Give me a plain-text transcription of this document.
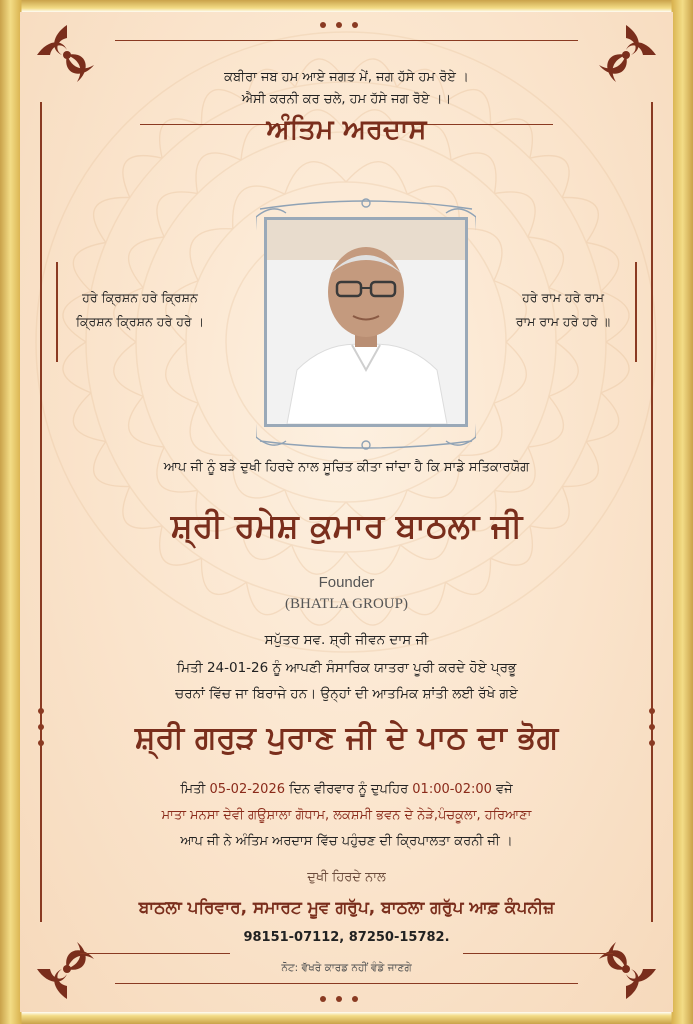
ਕਬੀਰਾ ਜਬ ਹਮ ਆਏ ਜਗਤ ਮੇਂ, ਜਗ ਹੱਸੇ ਹਮ ਰੋਏ ।
ਐਸੀ ਕਰਨੀ ਕਰ ਚਲੇ, ਹਮ ਹੱਸੇ ਜਗ ਰੋਏ ।।
ਅੰਤਿਮ ਅਰਦਾਸ
ਹਰੇ ਕ੍ਰਿਸ਼ਨ ਹਰੇ ਕ੍ਰਿਸ਼ਨ
ਕ੍ਰਿਸ਼ਨ ਕ੍ਰਿਸ਼ਨ ਹਰੇ ਹਰੇ ।
ਹਰੇ ਰਾਮ ਹਰੇ ਰਾਮ
ਰਾਮ ਰਾਮ ਹਰੇ ਹਰੇ ॥
ਆਪ ਜੀ ਨੂੰ ਬੜੇ ਦੁਖੀ ਹਿਰਦੇ ਨਾਲ ਸੂਚਿਤ ਕੀਤਾ ਜਾਂਦਾ ਹੈ ਕਿ ਸਾਡੇ ਸਤਿਕਾਰਯੋਗ
ਸ਼੍ਰੀ ਰਮੇਸ਼ ਕੁਮਾਰ ਬਾਠਲਾ ਜੀ
Founder
(BHATLA GROUP)
ਸਪੁੱਤਰ ਸਵ. ਸ਼੍ਰੀ ਜੀਵਨ ਦਾਸ ਜੀ
ਮਿਤੀ 24-01-26 ਨੂੰ ਆਪਣੀ ਸੰਸਾਰਿਕ ਯਾਤਰਾ ਪੂਰੀ ਕਰਦੇ ਹੋਏ ਪ੍ਰਭੂ
ਚਰਨਾਂ ਵਿੱਚ ਜਾ ਬਿਰਾਜੇ ਹਨ। ਉਨ੍ਹਾਂ ਦੀ ਆਤਮਿਕ ਸ਼ਾਂਤੀ ਲਈ ਰੱਖੇ ਗਏ
ਸ਼੍ਰੀ ਗਰੁੜ ਪੁਰਾਣ ਜੀ ਦੇ ਪਾਠ ਦਾ ਭੋਗ
ਮਿਤੀ 05-02-2026 ਦਿਨ ਵੀਰਵਾਰ ਨੂੰ ਦੁਪਹਿਰ 01:00-02:00 ਵਜੇ
ਮਾਤਾ ਮਨਸਾ ਦੇਵੀ ਗਊਸ਼ਾਲਾ ਗੋਧਾਮ, ਲਕਸ਼ਮੀ ਭਵਨ ਦੇ ਨੇੜੇ,ਪੰਚਕੂਲਾ, ਹਰਿਆਣਾ
ਆਪ ਜੀ ਨੇ ਅੰਤਿਮ ਅਰਦਾਸ ਵਿੱਚ ਪਹੁੰਚਣ ਦੀ ਕ੍ਰਿਪਾਲਤਾ ਕਰਨੀ ਜੀ ।
ਦੁਖੀ ਹਿਰਦੇ ਨਾਲ
ਬਾਠਲਾ ਪਰਿਵਾਰ, ਸਮਾਰਟ ਮੂਵ ਗਰੁੱਪ, ਬਾਠਲਾ ਗਰੁੱਪ ਆਫ਼ ਕੰਪਨੀਜ਼
98151-07112, 87250-15782.
ਨੋਟ: ਵੱਖਰੇ ਕਾਰਡ ਨਹੀਂ ਵੰਡੇ ਜਾਣਗੇ
